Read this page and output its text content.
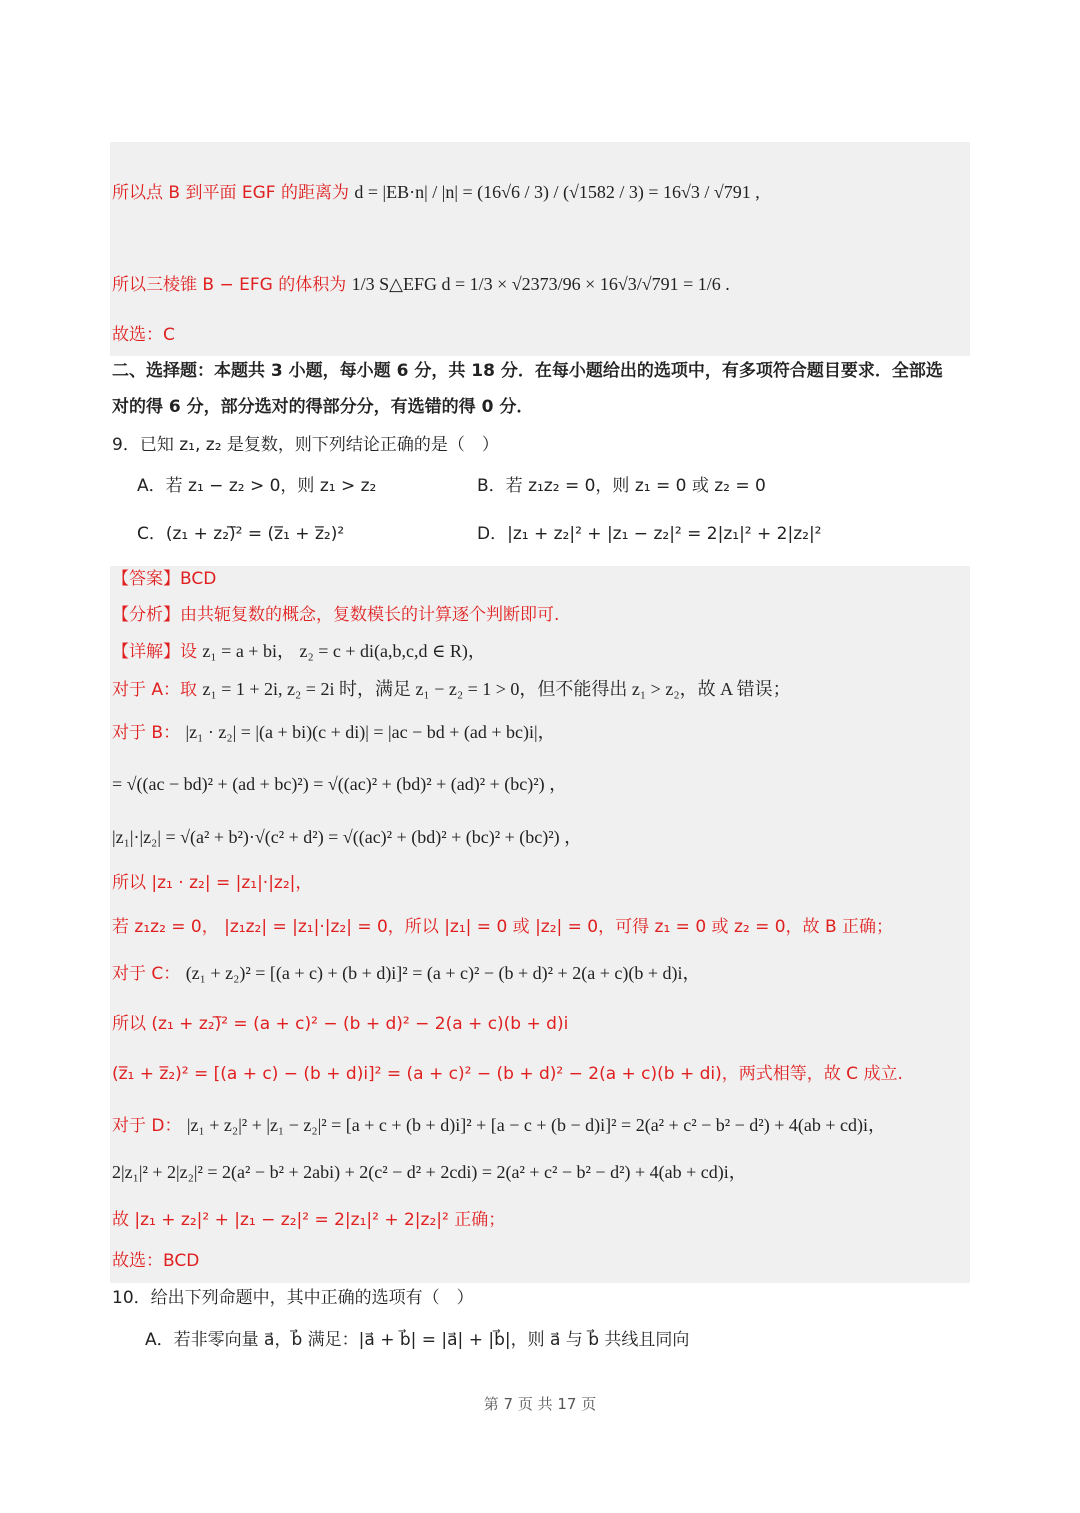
所以点 B 到平面 EGF 的距离为 d = |EB·n| / |n| = (16√6 / 3) / (√1582 / 3) = 16√3 / √791 ,
所以三棱锥 B − EFG 的体积为 1/3 S△EFG d = 1/3 × √2373/96 × 16√3/√791 = 1/6 .
故选：C
二、选择题：本题共 3 小题，每小题 6 分，共 18 分．在每小题给出的选项中，有多项符合题目要求．全部选
对的得 6 分，部分选对的得部分分，有选错的得 0 分．
9．已知 z₁, z₂ 是复数，则下列结论正确的是（　）
A．若 z₁ − z₂ > 0，则 z₁ > z₂	B．若 z₁z₂ = 0，则 z₁ = 0 或 z₂ = 0
C．(z₁ + z₂)̅² = (z̅₁ + z̅₂)²	D．|z₁ + z₂|² + |z₁ − z₂|² = 2|z₁|² + 2|z₂|²
【答案】BCD
【分析】由共轭复数的概念，复数模长的计算逐个判断即可.
【详解】设 z₁ = a + bi， z₂ = c + di(a,b,c,d ∈ R)，
对于 A：取 z₁ = 1 + 2i, z₂ = 2i 时，满足 z₁ − z₂ = 1 > 0，但不能得出 z₁ > z₂，故 A 错误；
对于 B： |z₁ · z₂| = |(a + bi)(c + di)| = |ac − bd + (ad + bc)i|，
= √((ac − bd)² + (ad + bc)²) = √((ac)² + (bd)² + (ad)² + (bc)²) ，
|z₁|·|z₂| = √(a² + b²)·√(c² + d²) = √((ac)² + (bd)² + (bc)² + (bc)²) ，
所以 |z₁ · z₂| = |z₁|·|z₂|，
若 z₁z₂ = 0， |z₁z₂| = |z₁|·|z₂| = 0，所以 |z₁| = 0 或 |z₂| = 0，可得 z₁ = 0 或 z₂ = 0，故 B 正确；
对于 C： (z₁ + z₂)² = [(a + c) + (b + d)i]² = (a + c)² − (b + d)² + 2(a + c)(b + d)i，
所以 (z₁ + z₂)̅² = (a + c)² − (b + d)² − 2(a + c)(b + d)i
(z̅₁ + z̅₂)² = [(a + c) − (b + d)i]² = (a + c)² − (b + d)² − 2(a + c)(b + di)，两式相等，故 C 成立.
对于 D： |z₁ + z₂|² + |z₁ − z₂|² = [a + c + (b + d)i]² + [a − c + (b − d)i]² = 2(a² + c² − b² − d²) + 4(ab + cd)i，
2|z₁|² + 2|z₂|² = 2(a² − b² + 2abi) + 2(c² − d² + 2cdi) = 2(a² + c² − b² − d²) + 4(ab + cd)i，
故 |z₁ + z₂|² + |z₁ − z₂|² = 2|z₁|² + 2|z₂|² 正确；
故选：BCD
10．给出下列命题中，其中正确的选项有（　）
A．若非零向量 a⃗，b⃗ 满足：|a⃗ + b⃗| = |a⃗| + |b⃗|，则 a⃗ 与 b⃗ 共线且同向
第 7 页 共 17 页
